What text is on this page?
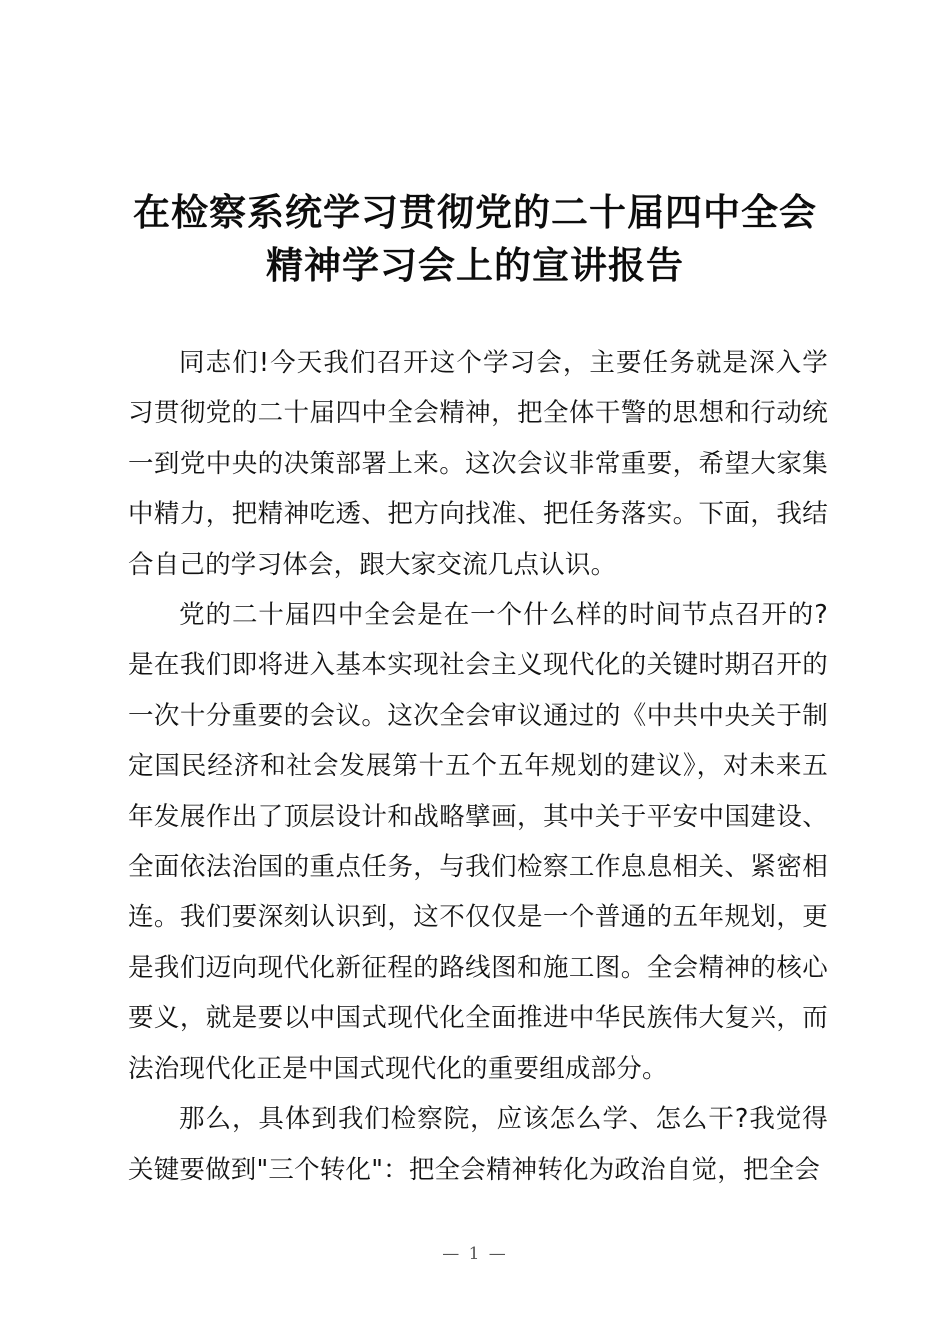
在检察系统学习贯彻党的二十届四中全会
精神学习会上的宣讲报告

同志们!今天我们召开这个学习会，主要任务就是深入学习贯彻党的二十届四中全会精神，把全体干警的思想和行动统一到党中央的决策部署上来。这次会议非常重要，希望大家集中精力，把精神吃透、把方向找准、把任务落实。下面，我结合自己的学习体会，跟大家交流几点认识。

党的二十届四中全会是在一个什么样的时间节点召开的?是在我们即将进入基本实现社会主义现代化的关键时期召开的一次十分重要的会议。这次全会审议通过的《中共中央关于制定国民经济和社会发展第十五个五年规划的建议》，对未来五年发展作出了顶层设计和战略擘画，其中关于平安中国建设、全面依法治国的重点任务，与我们检察工作息息相关、紧密相连。我们要深刻认识到，这不仅仅是一个普通的五年规划，更是我们迈向现代化新征程的路线图和施工图。全会精神的核心要义，就是要以中国式现代化全面推进中华民族伟大复兴，而法治现代化正是中国式现代化的重要组成部分。

那么，具体到我们检察院，应该怎么学、怎么干?我觉得关键要做到"三个转化"：把全会精神转化为政治自觉，把全会

— 1 —
